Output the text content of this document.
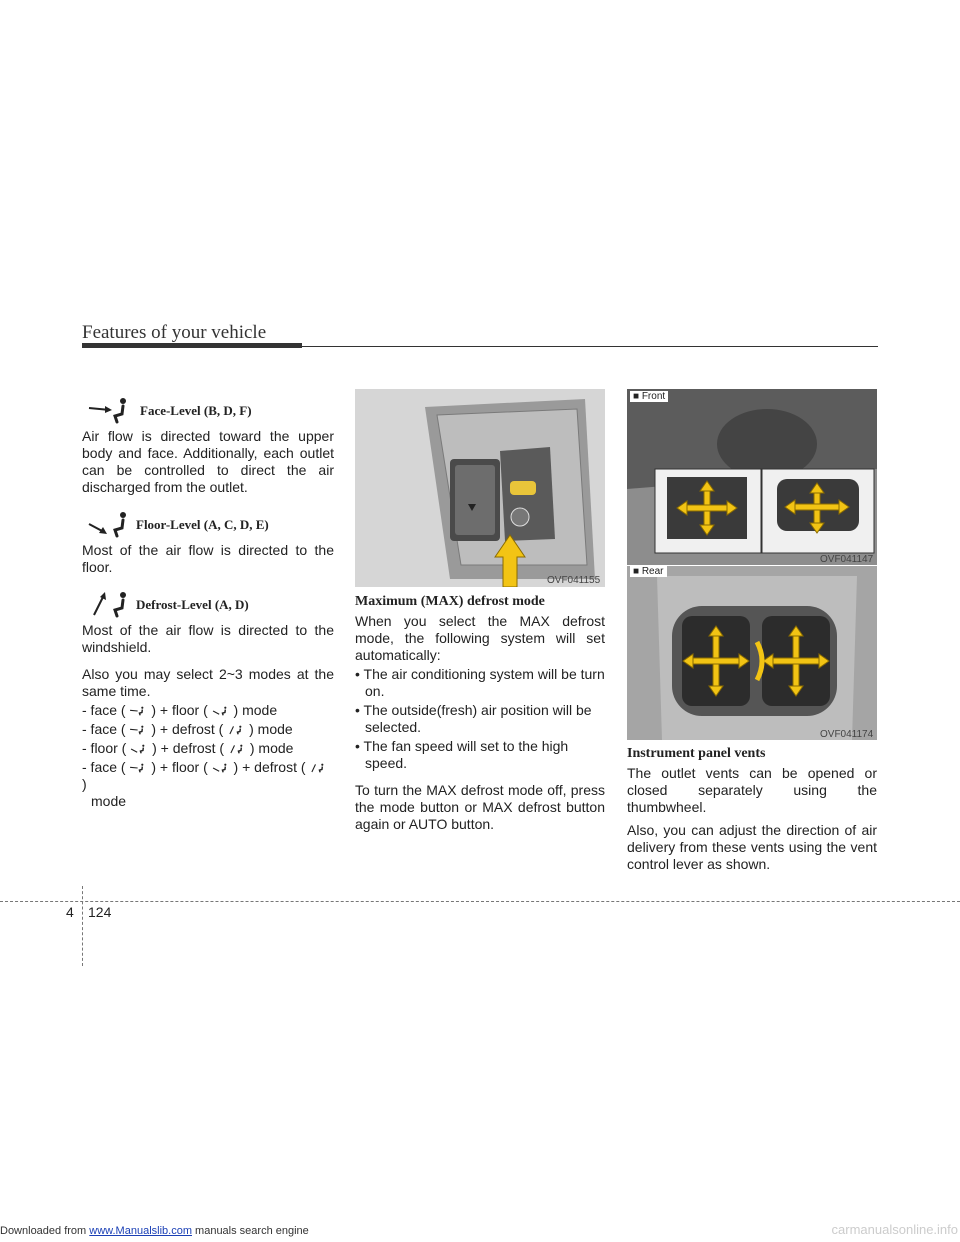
Features of your vehicle
Face-Level (B, D, F)

Air flow is directed toward the upper body and face. Additionally, each outlet can be controlled to direct the air discharged from the outlet.

Floor-Level (A, C, D, E)

Most of the air flow is directed to the floor.

Defrost-Level (A, D)

Most of the air flow is directed to the windshield.

Also you may select 2~3 modes at the same time.

- face ( ) + floor ( ) mode
- face ( ) + defrost ( ) mode
- floor ( ) + defrost ( ) mode
- face ( ) + floor ( ) + defrost (  )
mode
OVF041155
Maximum (MAX) defrost mode

When you select the MAX defrost mode, the following system will set automatically:

• The air conditioning system will be turn on.
• The outside(fresh) air position will be selected.
• The fan speed will set to the high speed.

To turn the MAX defrost mode off, press the mode button or MAX defrost button again or AUTO button.

■ Front
OVF041147
■ Rear
OVF041174
Instrument panel vents

The outlet vents can be opened or closed separately using the thumbwheel.

Also, you can adjust the direction of air delivery from these vents using the vent control lever as shown.

4 124
Downloaded from www.Manualslib.com manuals search engine	carmanualsonline.info
